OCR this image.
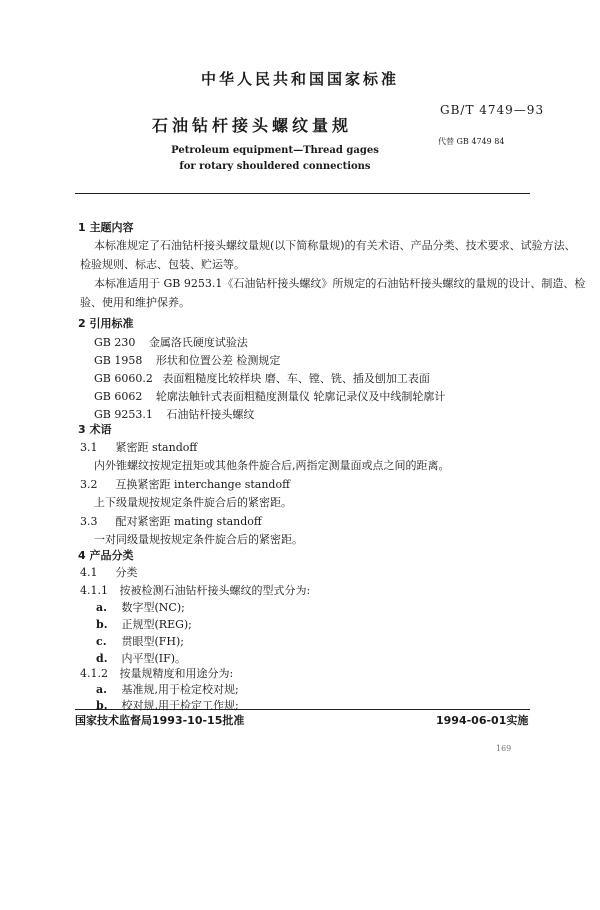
中华人民共和国国家标准
GB/T 4749—93
石油钻杆接头螺纹量规
代替 GB 4749 84
Petroleum equipment—Thread gages
for rotary shouldered connections
1 主题内容
本标准规定了石油钻杆接头螺纹量规(以下简称量规)的有关术语、产品分类、技术要求、试验方法、
检验规则、标志、包装、贮运等。
本标准适用于 GB 9253.1《石油钻杆接头螺纹》所规定的石油钻杆接头螺纹的量规的设计、制造、检
验、使用和维护保养。
2 引用标准
GB 230 金属洛氏硬度试验法
GB 1958 形状和位置公差 检测规定
GB 6060.2 表面粗糙度比较样块 磨、车、镗、铣、插及刨加工表面
GB 6062 轮廓法触针式表面粗糙度测量仪 轮廓记录仪及中线制轮廓计
GB 9253.1 石油钻杆接头螺纹
3 术语
3.1 紧密距 standoff
内外锥螺纹按规定扭矩或其他条件旋合后,两指定测量面或点之间的距离。
3.2 互换紧密距 interchange standoff
上下级量规按规定条件旋合后的紧密距。
3.3 配对紧密距 mating standoff
一对同级量规按规定条件旋合后的紧密距。
4 产品分类
4.1 分类
4.1.1 按被检测石油钻杆接头螺纹的型式分为:
a. 数字型(NC);
b. 正规型(REG);
c. 贯眼型(FH);
d. 内平型(IF)。
4.1.2 按量规精度和用途分为:
a. 基准规,用于检定校对规;
国家技术监督局1993-10-15批准	1994-06-01实施
169
b. 校对规,用于检定工作规;
